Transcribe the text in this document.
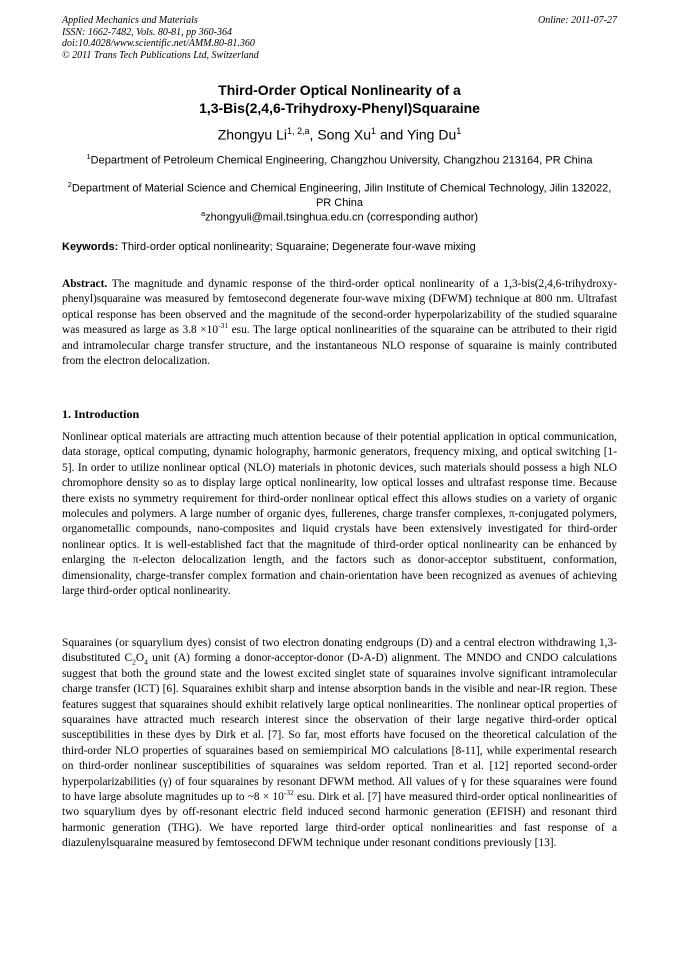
Applied Mechanics and Materials
ISSN: 1662-7482, Vols. 80-81, pp 360-364
doi:10.4028/www.scientific.net/AMM.80-81.360
© 2011 Trans Tech Publications Ltd, Switzerland
Online: 2011-07-27
Third-Order Optical Nonlinearity of a
1,3-Bis(2,4,6-Trihydroxy-Phenyl)Squaraine
Zhongyu Li$^{1, 2,a}$, Song Xu$^1$ and Ying Du$^1$
$^1$Department of Petroleum Chemical Engineering, Changzhou University, Changzhou 213164, PR China
$^2$Department of Material Science and Chemical Engineering, Jilin Institute of Chemical Technology, Jilin 132022, PR China
$^a$zhongyuli@mail.tsinghua.edu.cn (corresponding author)
Keywords: Third-order optical nonlinearity; Squaraine; Degenerate four-wave mixing
Abstract. The magnitude and dynamic response of the third-order optical nonlinearity of a 1,3-bis(2,4,6-trihydroxy-phenyl)squaraine was measured by femtosecond degenerate four-wave mixing (DFWM) technique at 800 nm. Ultrafast optical response has been observed and the magnitude of the second-order hyperpolarizability of the studied squaraine was measured as large as $3.8 \times 10^{-31}$ esu. The large optical nonlinearities of the squaraine can be attributed to their rigid and intramolecular charge transfer structure, and the instantaneous NLO response of squaraine is mainly contributed from the electron delocalization.
1. Introduction
Nonlinear optical materials are attracting much attention because of their potential application in optical communication, data storage, optical computing, dynamic holography, harmonic generators, frequency mixing, and optical switching [1-5]. In order to utilize nonlinear optical (NLO) materials in photonic devices, such materials should possess a high NLO chromophore density so as to display large optical nonlinearity, low optical losses and ultrafast response time. Because there exists no symmetry requirement for third-order nonlinear optical effect this allows studies on a variety of organic molecules and polymers. A large number of organic dyes, fullerenes, charge transfer complexes, π-conjugated polymers, organometallic compounds, nano-composites and liquid crystals have been extensively investigated for third-order nonlinear optics. It is well-established fact that the magnitude of third-order optical nonlinearity can be enhanced by enlarging the π-electon delocalization length, and the factors such as donor-acceptor substituent, conformation, dimensionality, charge-transfer complex formation and chain-orientation have been recognized as avenues of achieving large third-order optical nonlinearity.
Squaraines (or squarylium dyes) consist of two electron donating endgroups (D) and a central electron withdrawing 1,3-disubstituted $C_2O_4$ unit (A) forming a donor-acceptor-donor (D-A-D) alignment. The MNDO and CNDO calculations suggest that both the ground state and the lowest excited singlet state of squaraines involve significant intramolecular charge transfer (ICT) [6]. Squaraines exhibit sharp and intense absorption bands in the visible and near-IR region. These features suggest that squaraines should exhibit relatively large optical nonlinearities. The nonlinear optical properties of squaraines have attracted much research interest since the observation of their large negative third-order optical susceptibilities in these dyes by Dirk et al. [7]. So far, most efforts have focused on the theoretical calculation of the third-order NLO properties of squaraines based on semiempirical MO calculations [8-11], while experimental research on third-order nonlinear susceptibilities of squaraines was seldom reported. Tran et al. [12] reported second-order hyperpolarizabilities (γ) of four squaraines by resonant DFWM method. All values of γ for these squaraines were found to have large absolute magnitudes up to ~8 × $10^{-32}$ esu. Dirk et al. [7] have measured third-order optical nonlinearities of two squarylium dyes by off-resonant electric field induced second harmonic generation (EFISH) and resonant third harmonic generation (THG). We have reported large third-order optical nonlinearities and fast response of a diazulenylsquaraine measured by femtosecond DFWM technique under resonant conditions previously [13].
